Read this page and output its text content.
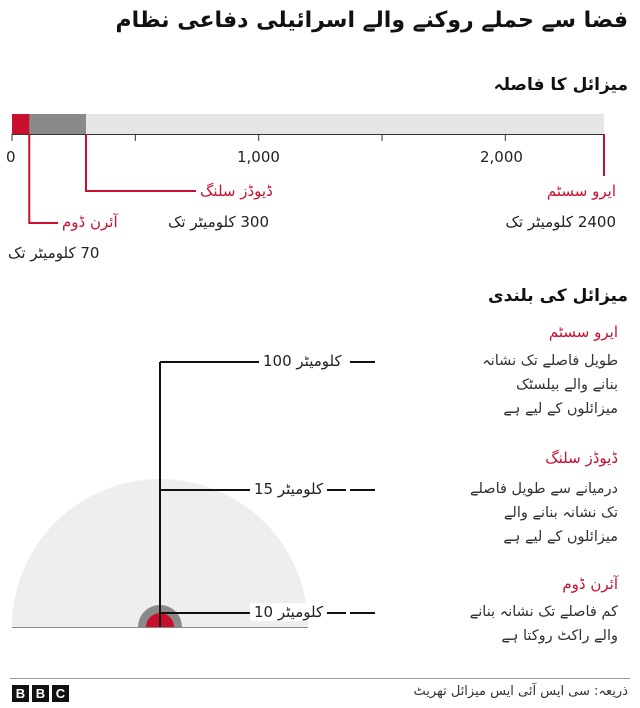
فضا سے حملے روکنے والے اسرائیلی دفاعی نظام
میزائل کا فاصلہ
0	1,000	2,000
ایرو سسٹم
2400 کلومیٹر تک
ڈیوڈز سلنگ
300 کلومیٹر تک
آئرن ڈوم
70 کلومیٹر تک
میزائل کی بلندی
ایرو سسٹم
100 کلومیٹر	طویل فاصلے تک نشانہ
بنانے والے بیلسٹک
میزائلوں کے لیے ہے
ڈیوڈز سلنگ
15 کلومیٹر	درمیانے سے طویل فاصلے
تک نشانہ بنانے والے
میزائلوں کے لیے ہے
آئرن ڈوم
10 کلومیٹر	کم فاصلے تک نشانہ بنانے
والے راکٹ روکتا ہے
B B C	ذریعہ: سی ایس آئی ایس میزائل تھریٹ
